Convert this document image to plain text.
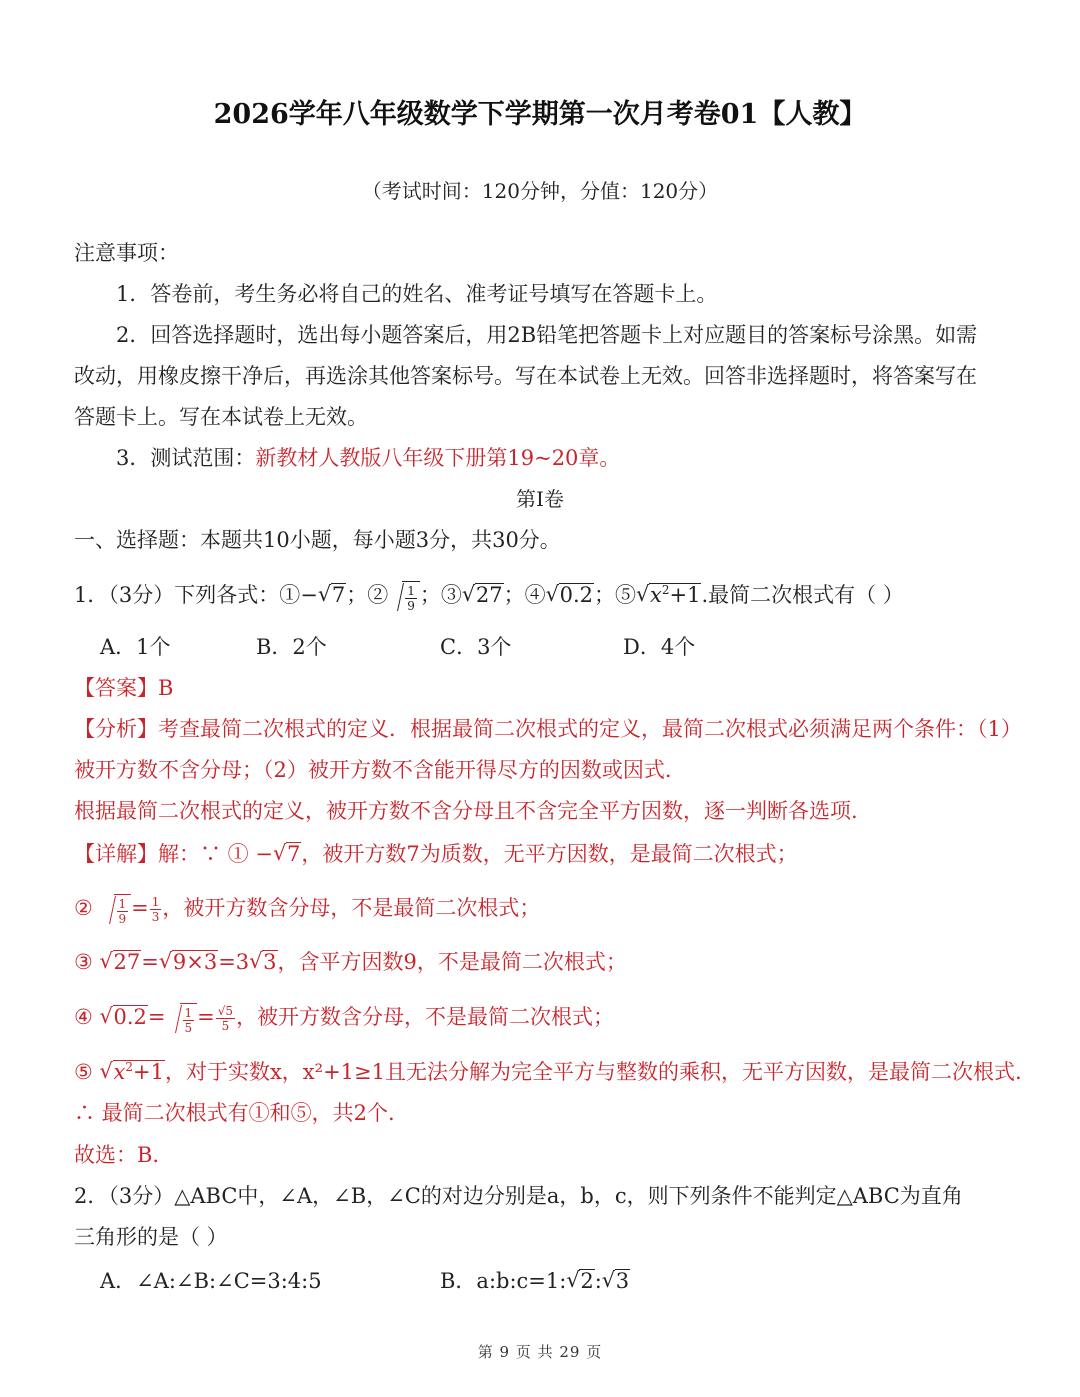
2026学年八年级数学下学期第一次月考卷01【人教】
（考试时间：120分钟，分值：120分）
注意事项：
1．答卷前，考生务必将自己的姓名、准考证号填写在答题卡上。
2．回答选择题时，选出每小题答案后，用2B铅笔把答题卡上对应题目的答案标号涂黑。如需
改动，用橡皮擦干净后，再选涂其他答案标号。写在本试卷上无效。回答非选择题时，将答案写在
答题卡上。写在本试卷上无效。
3．测试范围：新教材人教版八年级下册第19~20章。
第I卷
一、选择题：本题共10小题，每小题3分，共30分。
1．（3分）下列各式：①− √ 7；② $\frac{1}{9}$ ；③ √ 27；④ √ 0.2；⑤ √ $x^2+1$.最简二次根式有（ ）
A．1个	B．2个	C．3个	D．4个
【答案】B
【分析】考查最简二次根式的定义．根据最简二次根式的定义，最简二次根式必须满足两个条件：（1）
被开方数不含分母；（2）被开方数不含能开得尽方的因数或因式.
根据最简二次根式的定义，被开方数不含分母且不含完全平方因数，逐一判断各选项.
【详解】解：∵ ① − √ 7，被开方数7为质数，无平方因数，是最简二次根式；
② $\frac{1}{9} = \frac{1}{3}$ ，被开方数含分母，不是最简二次根式；
③ √ 27= √ 9×3=3 √ 3，含平方因数9，不是最简二次根式；
④ √ $0.2= \frac{1}{5} = \frac{√5}{5}$ ，被开方数含分母，不是最简二次根式；
⑤ √ $x^2+1$，对于实数x，x²+1≥1且无法分解为完全平方与整数的乘积，无平方因数，是最简二次根式.
∴ 最简二次根式有①和⑤，共2个.
故选：B.
2．（3分）△ABC中，∠A，∠B，∠C的对边分别是a，b，c，则下列条件不能判定△ABC为直角
三角形的是（ ）
A．∠A:∠B:∠C=3:4:5	B．a:b:c=1: √ 2: √ 3
第 9 页 共 29 页
